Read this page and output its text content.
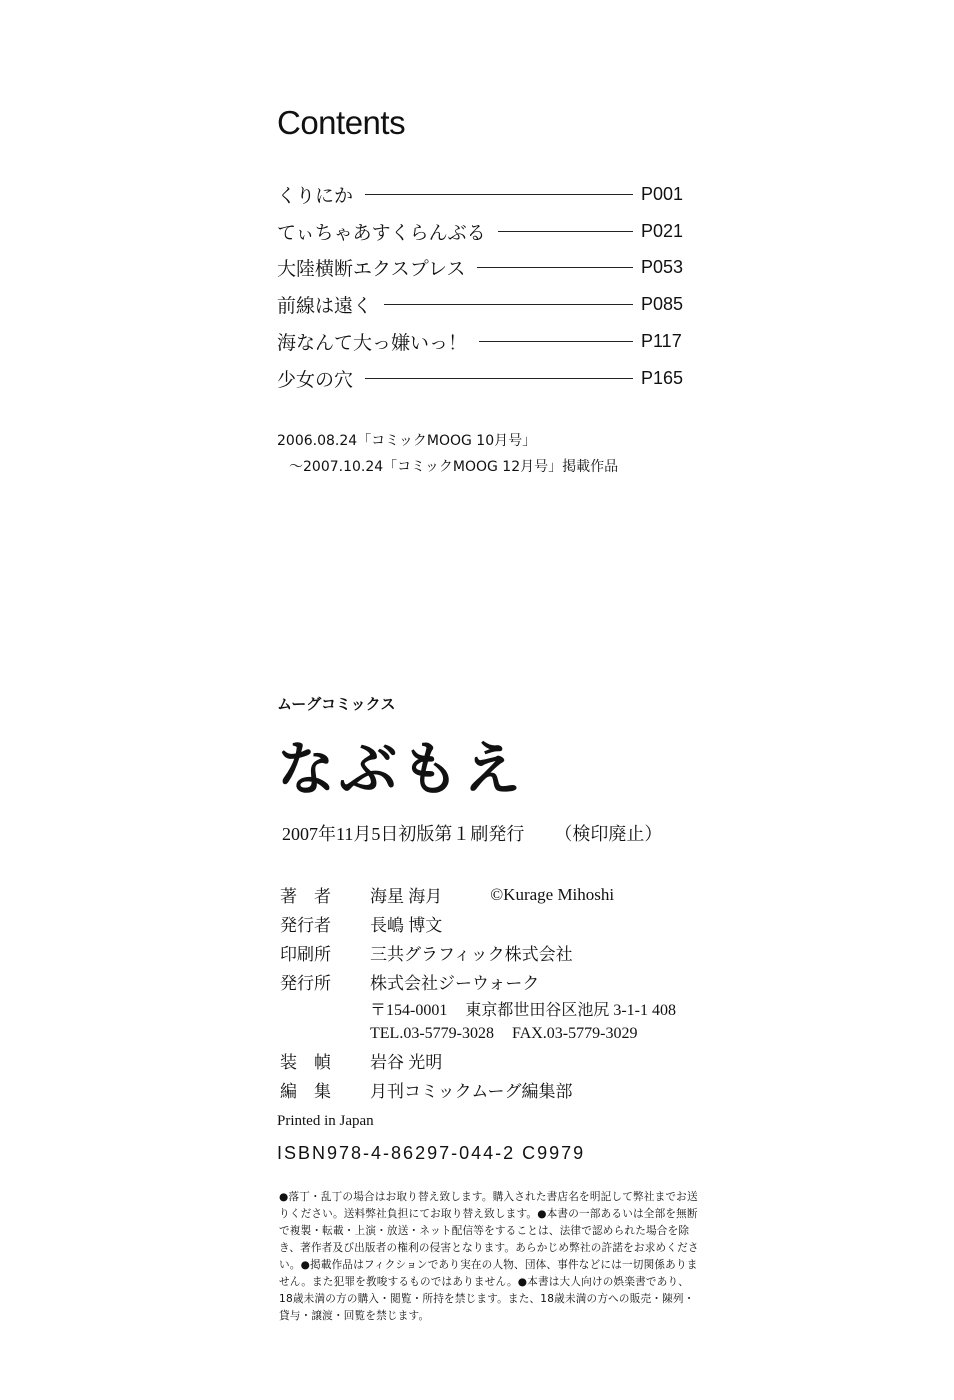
Contents
くりにか	P001
てぃちゃあすくらんぶる	P021
大陸横断エクスプレス	P053
前線は遠く	P085
海なんて大っ嫌いっ！	P117
少女の穴	P165
2006.08.24「コミックMOOG 10月号」
～2007.10.24「コミックMOOG 12月号」掲載作品
ムーグコミックス
なぶもえ
2007年11月5日初版第１刷発行 （検印廃止）
著　者	海星 海月	©Kurage Mihoshi
発行者	長嶋 博文
印刷所	三共グラフィック株式会社
発行所	株式会社ジーウォーク
〒154-0001 東京都世田谷区池尻 3-1-1 408
TEL.03-5779-3028 FAX.03-5779-3029
装　幀	岩谷 光明
編　集	月刊コミックムーグ編集部
Printed in Japan
ISBN978-4-86297-044-2 C9979
●落丁・乱丁の場合はお取り替え致します。購入された書店名を明記して弊社までお送りください。送料弊社負担にてお取り替え致します。●本書の一部あるいは全部を無断で複製・転載・上演・放送・ネット配信等をすることは、法律で認められた場合を除き、著作者及び出版者の権利の侵害となります。あらかじめ弊社の許諾をお求めください。●掲載作品はフィクションであり実在の人物、団体、事件などには一切関係ありません。また犯罪を教唆するものではありません。●本書は大人向けの娯楽書であり、18歳未満の方の購入・閲覧・所持を禁じます。また、18歳未満の方への販売・陳列・貸与・譲渡・回覧を禁じます。
